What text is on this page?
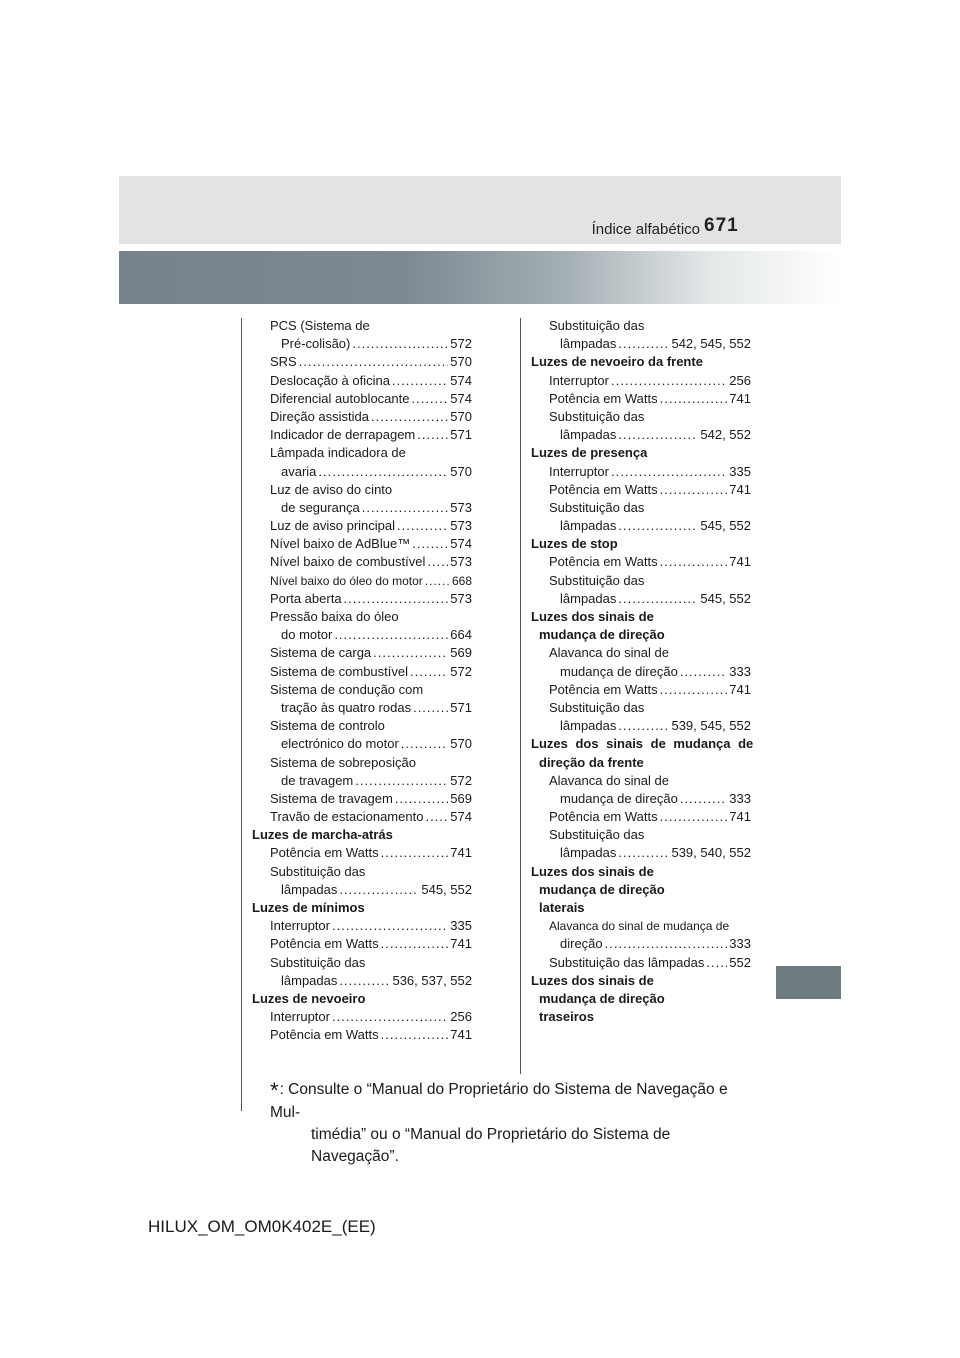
Índice alfabético 671
PCS (Sistema de
Pré-colisão) .....	572
SRS .....	570
Deslocação à oficina .....	574
Diferencial autoblocante .....	574
Direção assistida .....	570
Indicador de derrapagem .....	571
Lâmpada indicadora de
avaria .....	570
Luz de aviso do cinto
de segurança .....	573
Luz de aviso principal .....	573
Nível baixo de AdBlue™ .....	574
Nível baixo de combustível ..... 573
Nível baixo do óleo do motor ..... 668
Porta aberta .....	573
Pressão baixa do óleo
do motor .....	664
Sistema de carga .....	569
Sistema de combustível .....	572
Sistema de condução com
tração às quatro rodas .....	571
Sistema de controlo
electrónico do motor .....	570
Sistema de sobreposição
de travagem .....	572
Sistema de travagem .....	569
Travão de estacionamento ..... 574
Luzes de marcha-atrás
Potência em Watts .....	741
Substituição das
lâmpadas .....	545, 552
Luzes de mínimos
Interruptor .....	335
Potência em Watts .....	741
Substituição das
lâmpadas .....	536, 537, 552
Luzes de nevoeiro
Interruptor .....	256
Potência em Watts .....	741
Substituição das
lâmpadas .....	542, 545, 552
Luzes de nevoeiro da frente
Interruptor .....	256
Potência em Watts .....	741
Substituição das
lâmpadas .....	542, 552
Luzes de presença
Interruptor .....	335
Potência em Watts .....	741
Substituição das
lâmpadas .....	545, 552
Luzes de stop
Potência em Watts .....	741
Substituição das
lâmpadas .....	545, 552
Luzes dos sinais de
mudança de direção
Alavanca do sinal de
mudança de direção .....	333
Potência em Watts .....	741
Substituição das
lâmpadas .....	539, 545, 552
Luzes dos sinais de mudança de
direção da frente
Alavanca do sinal de
mudança de direção .....	333
Potência em Watts .....	741
Substituição das
lâmpadas .....	539, 540, 552
Luzes dos sinais de
mudança de direção
laterais
Alavanca do sinal de mudança de
direção .....	333
Substituição das lâmpadas ..... 552
Luzes dos sinais de
mudança de direção
traseiros
*: Consulte o “Manual do Proprietário do Sistema de Navegação e Mul-
timédia” ou o “Manual do Proprietário do Sistema de Navegação”.
HILUX_OM_OM0K402E_(EE)
